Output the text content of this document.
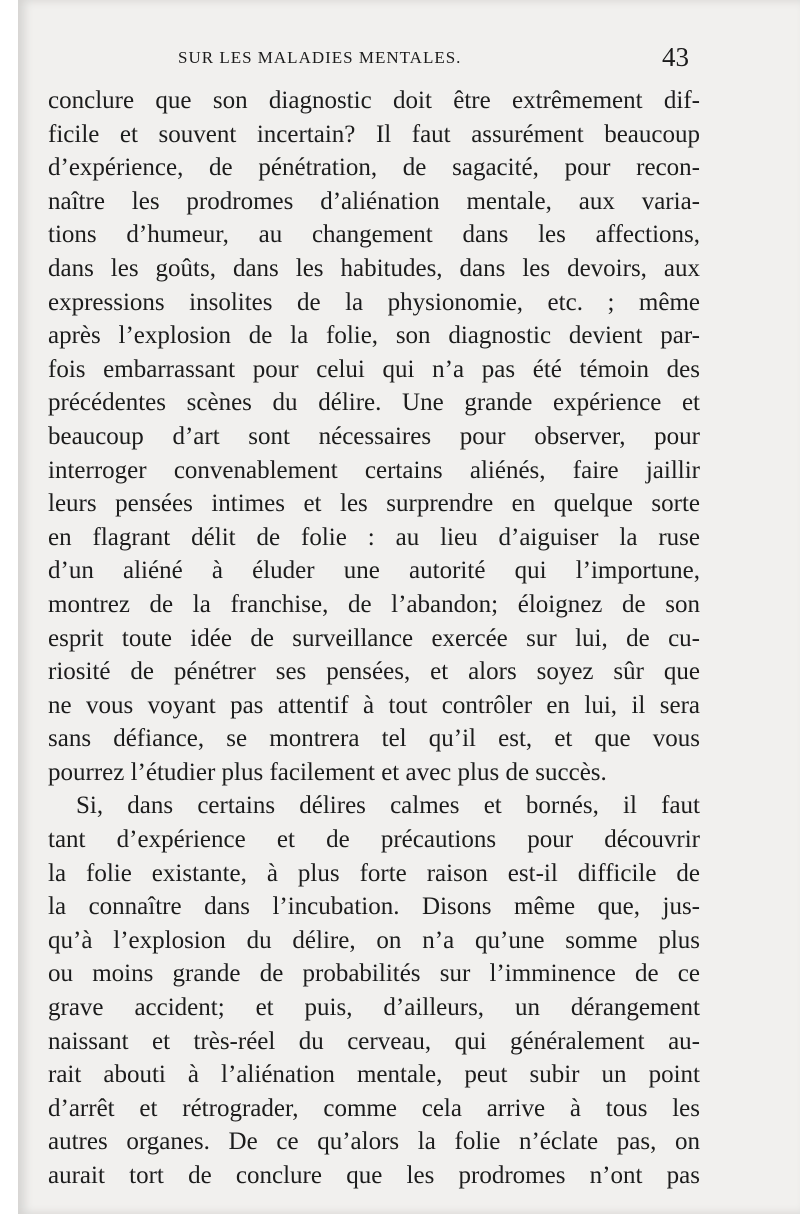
SUR LES MALADIES MENTALES.	43
conclure que son diagnostic doit être extrêmement dif-
ficile et souvent incertain? Il faut assurément beaucoup
d’expérience, de pénétration, de sagacité, pour recon-
naître les prodromes d’aliénation mentale, aux varia-
tions d’humeur, au changement dans les affections,
dans les goûts, dans les habitudes, dans les devoirs, aux
expressions insolites de la physionomie, etc. ; même
après l’explosion de la folie, son diagnostic devient par-
fois embarrassant pour celui qui n’a pas été témoin des
précédentes scènes du délire. Une grande expérience et
beaucoup d’art sont nécessaires pour observer, pour
interroger convenablement certains aliénés, faire jaillir
leurs pensées intimes et les surprendre en quelque sorte
en flagrant délit de folie : au lieu d’aiguiser la ruse
d’un aliéné à éluder une autorité qui l’importune,
montrez de la franchise, de l’abandon; éloignez de son
esprit toute idée de surveillance exercée sur lui, de cu-
riosité de pénétrer ses pensées, et alors soyez sûr que
ne vous voyant pas attentif à tout contrôler en lui, il sera
sans défiance, se montrera tel qu’il est, et que vous
pourrez l’étudier plus facilement et avec plus de succès.
Si, dans certains délires calmes et bornés, il faut
tant d’expérience et de précautions pour découvrir
la folie existante, à plus forte raison est-il difficile de
la connaître dans l’incubation. Disons même que, jus-
qu’à l’explosion du délire, on n’a qu’une somme plus
ou moins grande de probabilités sur l’imminence de ce
grave accident; et puis, d’ailleurs, un dérangement
naissant et très-réel du cerveau, qui généralement au-
rait abouti à l’aliénation mentale, peut subir un point
d’arrêt et rétrograder, comme cela arrive à tous les
autres organes. De ce qu’alors la folie n’éclate pas, on
aurait tort de conclure que les prodromes n’ont pas
